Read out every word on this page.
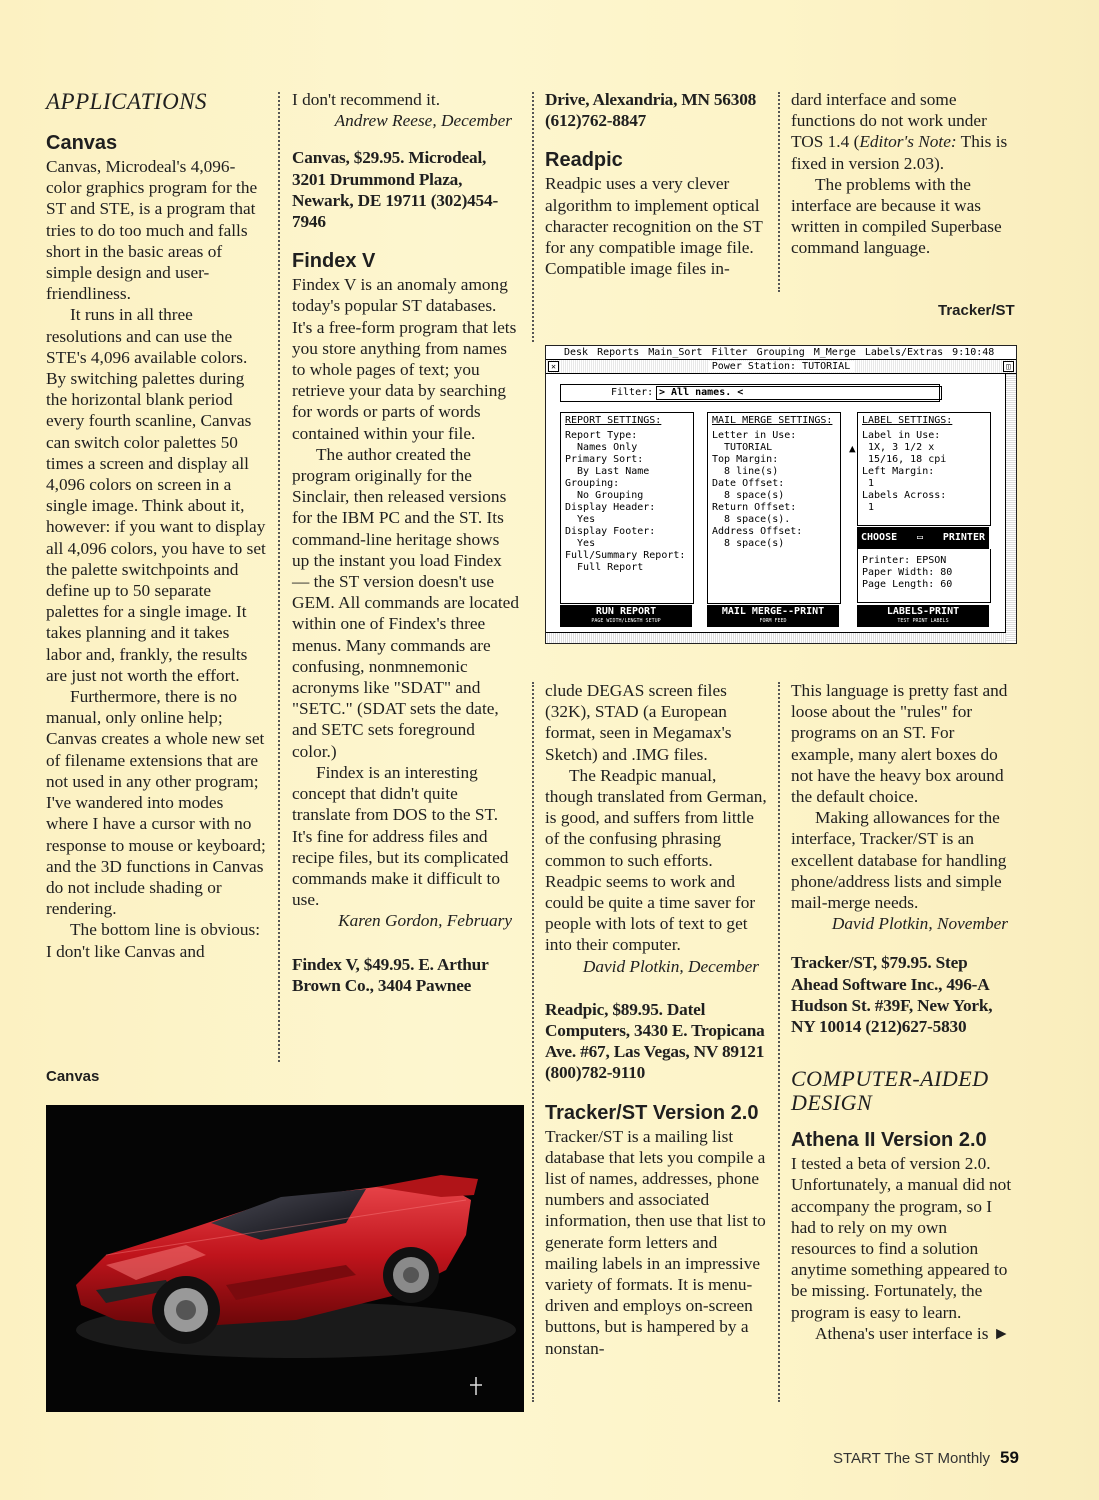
APPLICATIONS
Canvas

Canvas, Microdeal's 4,096-color graphics program for the ST and STE, is a program that tries to do too much and falls short in the basic areas of simple design and user-friendliness.

It runs in all three resolutions and can use the STE's 4,096 available colors. By switching palettes during the horizontal blank period every fourth scanline, Canvas can switch color palettes 50 times a screen and display all 4,096 colors on screen in a single image. Think about it, however: if you want to display all 4,096 colors, you have to set the palette switchpoints and define up to 50 separate palettes for a single image. It takes planning and it takes labor and, frankly, the results are just not worth the effort.

Furthermore, there is no manual, only online help; Canvas creates a whole new set of filename extensions that are not used in any other program; I've wandered into modes where I have a cursor with no response to mouse or keyboard; and the 3D functions in Canvas do not include shading or rendering.

The bottom line is obvious: I don't like Canvas and

Canvas

I don't recommend it.

Andrew Reese, December

Canvas, $29.95. Microdeal, 3201 Drummond Plaza, Newark, DE 19711 (302)454-7946

Findex V

Findex V is an anomaly among today's popular ST databases. It's a free-form program that lets you store anything from names to whole pages of text; you retrieve your data by searching for words or parts of words contained within your file.

The author created the program originally for the Sinclair, then released versions for the IBM PC and the ST. Its command-line heritage shows up the instant you load Findex — the ST version doesn't use GEM. All commands are located within one of Findex's three menus. Many commands are confusing, nonmnemonic acronyms like "SDAT" and "SETC." (SDAT sets the date, and SETC sets foreground color.)

Findex is an interesting concept that didn't quite translate from DOS to the ST. It's fine for address files and recipe files, but its complicated commands make it difficult to use.

Karen Gordon, February

Findex V, $49.95. E. Arthur Brown Co., 3404 Pawnee

Drive, Alexandria, MN 56308 (612)762-8847

Readpic

Readpic uses a very clever algorithm to implement optical character recognition on the ST for any compatible image file. Compatible image files in-

clude DEGAS screen files (32K), STAD (a European format, seen in Megamax's Sketch) and .IMG files.

The Readpic manual, though translated from German, is good, and suffers from little of the confusing phrasing common to such efforts. Readpic seems to work and could be quite a time saver for people with lots of text to get into their computer.

David Plotkin, December

Readpic, $89.95. Datel Computers, 3430 E. Tropicana Ave. #67, Las Vegas, NV 89121 (800)782-9110

Tracker/ST Version 2.0

Tracker/ST is a mailing list database that lets you compile a list of names, addresses, phone numbers and associated information, then use that list to generate form letters and mailing labels in an impressive variety of formats. It is menu-driven and employs on-screen buttons, but is hampered by a nonstan-

dard interface and some functions do not work under TOS 1.4 (Editor's Note: This is fixed in version 2.03).

The problems with the interface are because it was written in compiled Superbase command language.

Tracker/ST

This language is pretty fast and loose about the "rules" for programs on an ST. For example, many alert boxes do not have the heavy box around the default choice.

Making allowances for the interface, Tracker/ST is an excellent database for handling phone/address lists and simple mail-merge needs.

David Plotkin, November

Tracker/ST, $79.95. Step Ahead Software Inc., 496-A Hudson St. #39F, New York, NY 10014 (212)627-5830

COMPUTER-AIDED DESIGN
Athena II Version 2.0

I tested a beta of version 2.0. Unfortunately, a manual did not accompany the program, so I had to rely on my own resources to find a solution anytime something appeared to be missing. Fortunately, the program is easy to learn.

Athena's user interface is ►

Desk Reports Main_Sort Filter Grouping M_Merge Labels/Extras 9:10:48
✕	Power Station: TUTORIAL	◫
Filter: > All names. <
REPORT SETTINGS:
Report Type:
Names Only
Primary Sort:
By Last Name
Grouping:
No Grouping
Display Header:
Yes
Display Footer:
Yes
Full/Summary Report:
Full Report
MAIL MERGE SETTINGS:
Letter in Use:
TUTORIAL
Top Margin:
8 line(s)
Date Offset:
8 space(s)
Return Offset:
8 space(s).
Address Offset:
8 space(s)
LABEL SETTINGS:
Label in Use:
1X, 3 1/2 x
15/16, 18 cpi
Left Margin:
1
Labels Across:
1
CHOOSE ▭ PRINTER
Printer: EPSON
Paper Width: 80
Page Length: 60
▲
RUN REPORT
PAGE WIDTH/LENGTH SETUP
MAIL MERGE--PRINT
FORM FEED
LABELS-PRINT
TEST PRINT LABELS
START The ST Monthly 59
